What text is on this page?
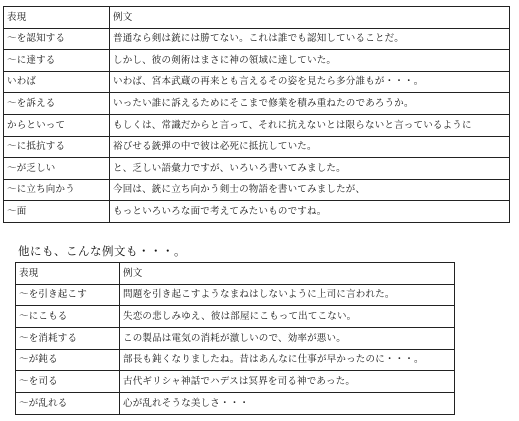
表現	例文
～を認知する	普通なら剣は銃には勝てない。これは誰でも認知していることだ。
～に達する	しかし、彼の剣術はまさに神の領域に達していた。
いわば	いわば、宮本武蔵の再来とも言えるその姿を見たら多分誰もが・・・。
～を訴える	いったい誰に訴えるためにそこまで修業を積み重ねたのであろうか。
からといって	もしくは、常識だからと言って、それに抗えないとは限らないと言っているように
～に抵抗する	裕びせる銃弾の中で彼は必死に抵抗していた。
～が乏しい	と、乏しい語彙力ですが、いろいろ書いてみました。
～に立ち向かう	今回は、銃に立ち向かう剣士の物語を書いてみましたが、
～面	もっといろいろな面で考えてみたいものですね。

他にも、こんな例文も・・・。

表現	例文
～を引き起こす	問題を引き起こすようなまねはしないように上司に言われた。
～にこもる	失恋の悲しみゆえ、彼は部屋にこもって出てこない。
～を消耗する	この製品は電気の消耗が激しいので、効率が悪い。
～が鈍る	部長も鈍くなりましたね。昔はあんなに仕事が早かったのに・・・。
～を司る	古代ギリシャ神話でハデスは冥界を司る神であった。
～が乱れる	心が乱れそうな美しさ・・・
